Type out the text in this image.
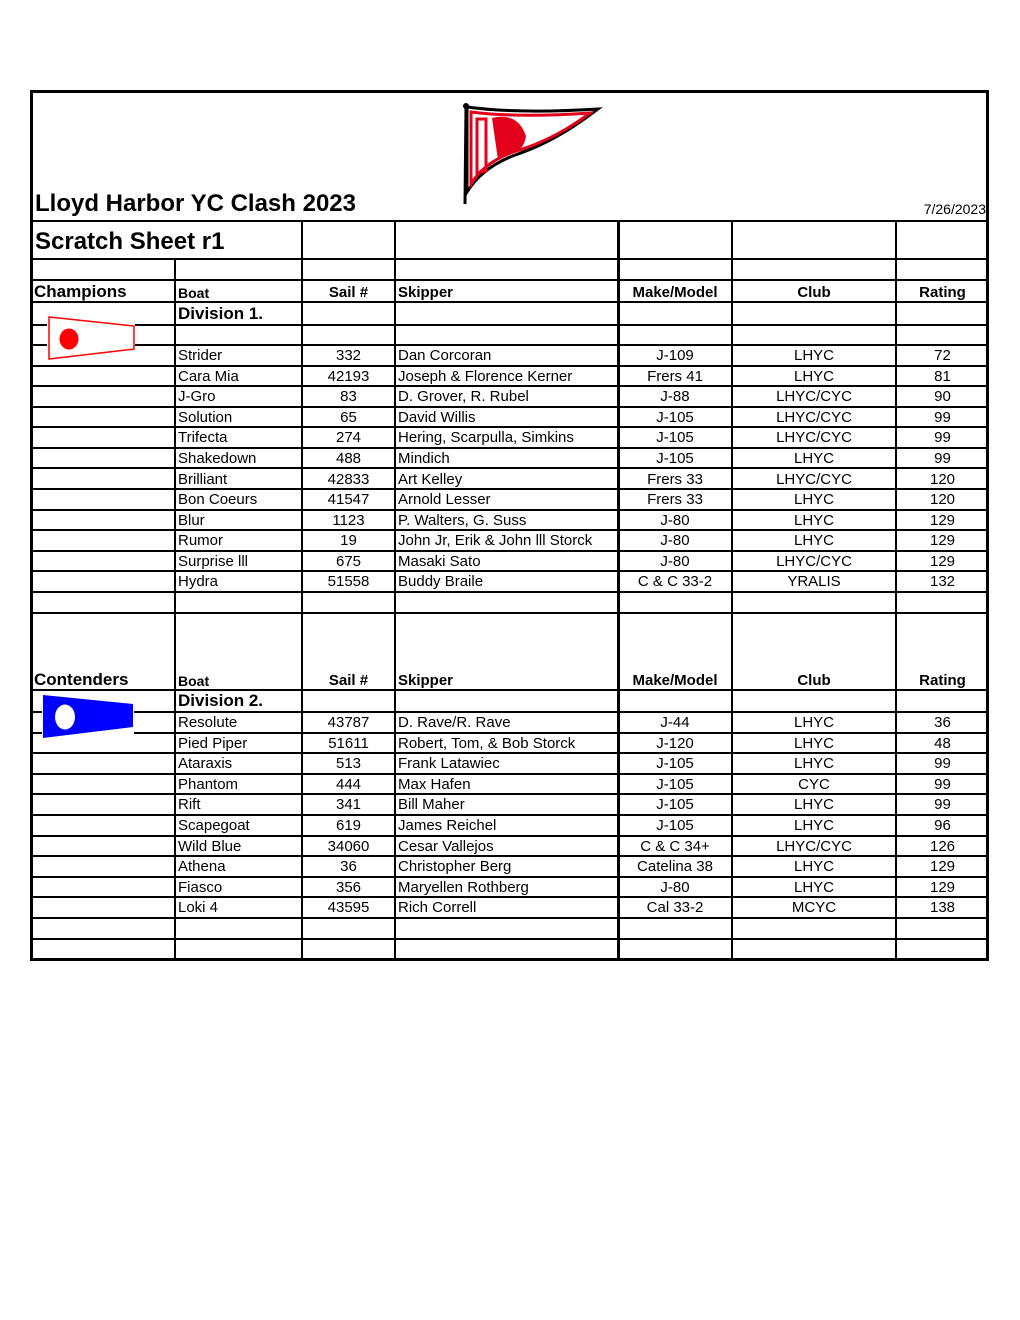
Lloyd Harbor YC Clash 2023	7/26/2023
Scratch Sheet r1
Champions	Boat	Sail #	Skipper	Make/Model	Club	Rating
Division 1.
Strider	332	Dan Corcoran	J-109	LHYC	72
Cara Mia	42193	Joseph & Florence Kerner	Frers 41	LHYC	81
J-Gro	83	D. Grover, R. Rubel	J-88	LHYC/CYC	90
Solution	65	David Willis	J-105	LHYC/CYC	99
Trifecta	274	Hering, Scarpulla, Simkins	J-105	LHYC/CYC	99
Shakedown	488	Mindich	J-105	LHYC	99
Brilliant	42833	Art Kelley	Frers 33	LHYC/CYC	120
Bon Coeurs	41547	Arnold Lesser	Frers 33	LHYC	120
Blur	1123	P. Walters, G. Suss	J-80	LHYC	129
Rumor	19	John Jr, Erik & John lll Storck	J-80	LHYC	129
Surprise lll	675	Masaki Sato	J-80	LHYC/CYC	129
Hydra	51558	Buddy Braile	C & C 33-2	YRALIS	132
Contenders	Boat	Sail #	Skipper	Make/Model	Club	Rating
Division 2.
Resolute	43787	D. Rave/R. Rave	J-44	LHYC	36
Pied Piper	51611	Robert, Tom, & Bob Storck	J-120	LHYC	48
Ataraxis	513	Frank Latawiec	J-105	LHYC	99
Phantom	444	Max Hafen	J-105	CYC	99
Rift	341	Bill Maher	J-105	LHYC	99
Scapegoat	619	James Reichel	J-105	LHYC	96
Wild Blue	34060	Cesar Vallejos	C & C 34+	LHYC/CYC	126
Athena	36	Christopher Berg	Catelina 38	LHYC	129
Fiasco	356	Maryellen Rothberg	J-80	LHYC	129
Loki 4	43595	Rich Correll	Cal 33-2	MCYC	138
